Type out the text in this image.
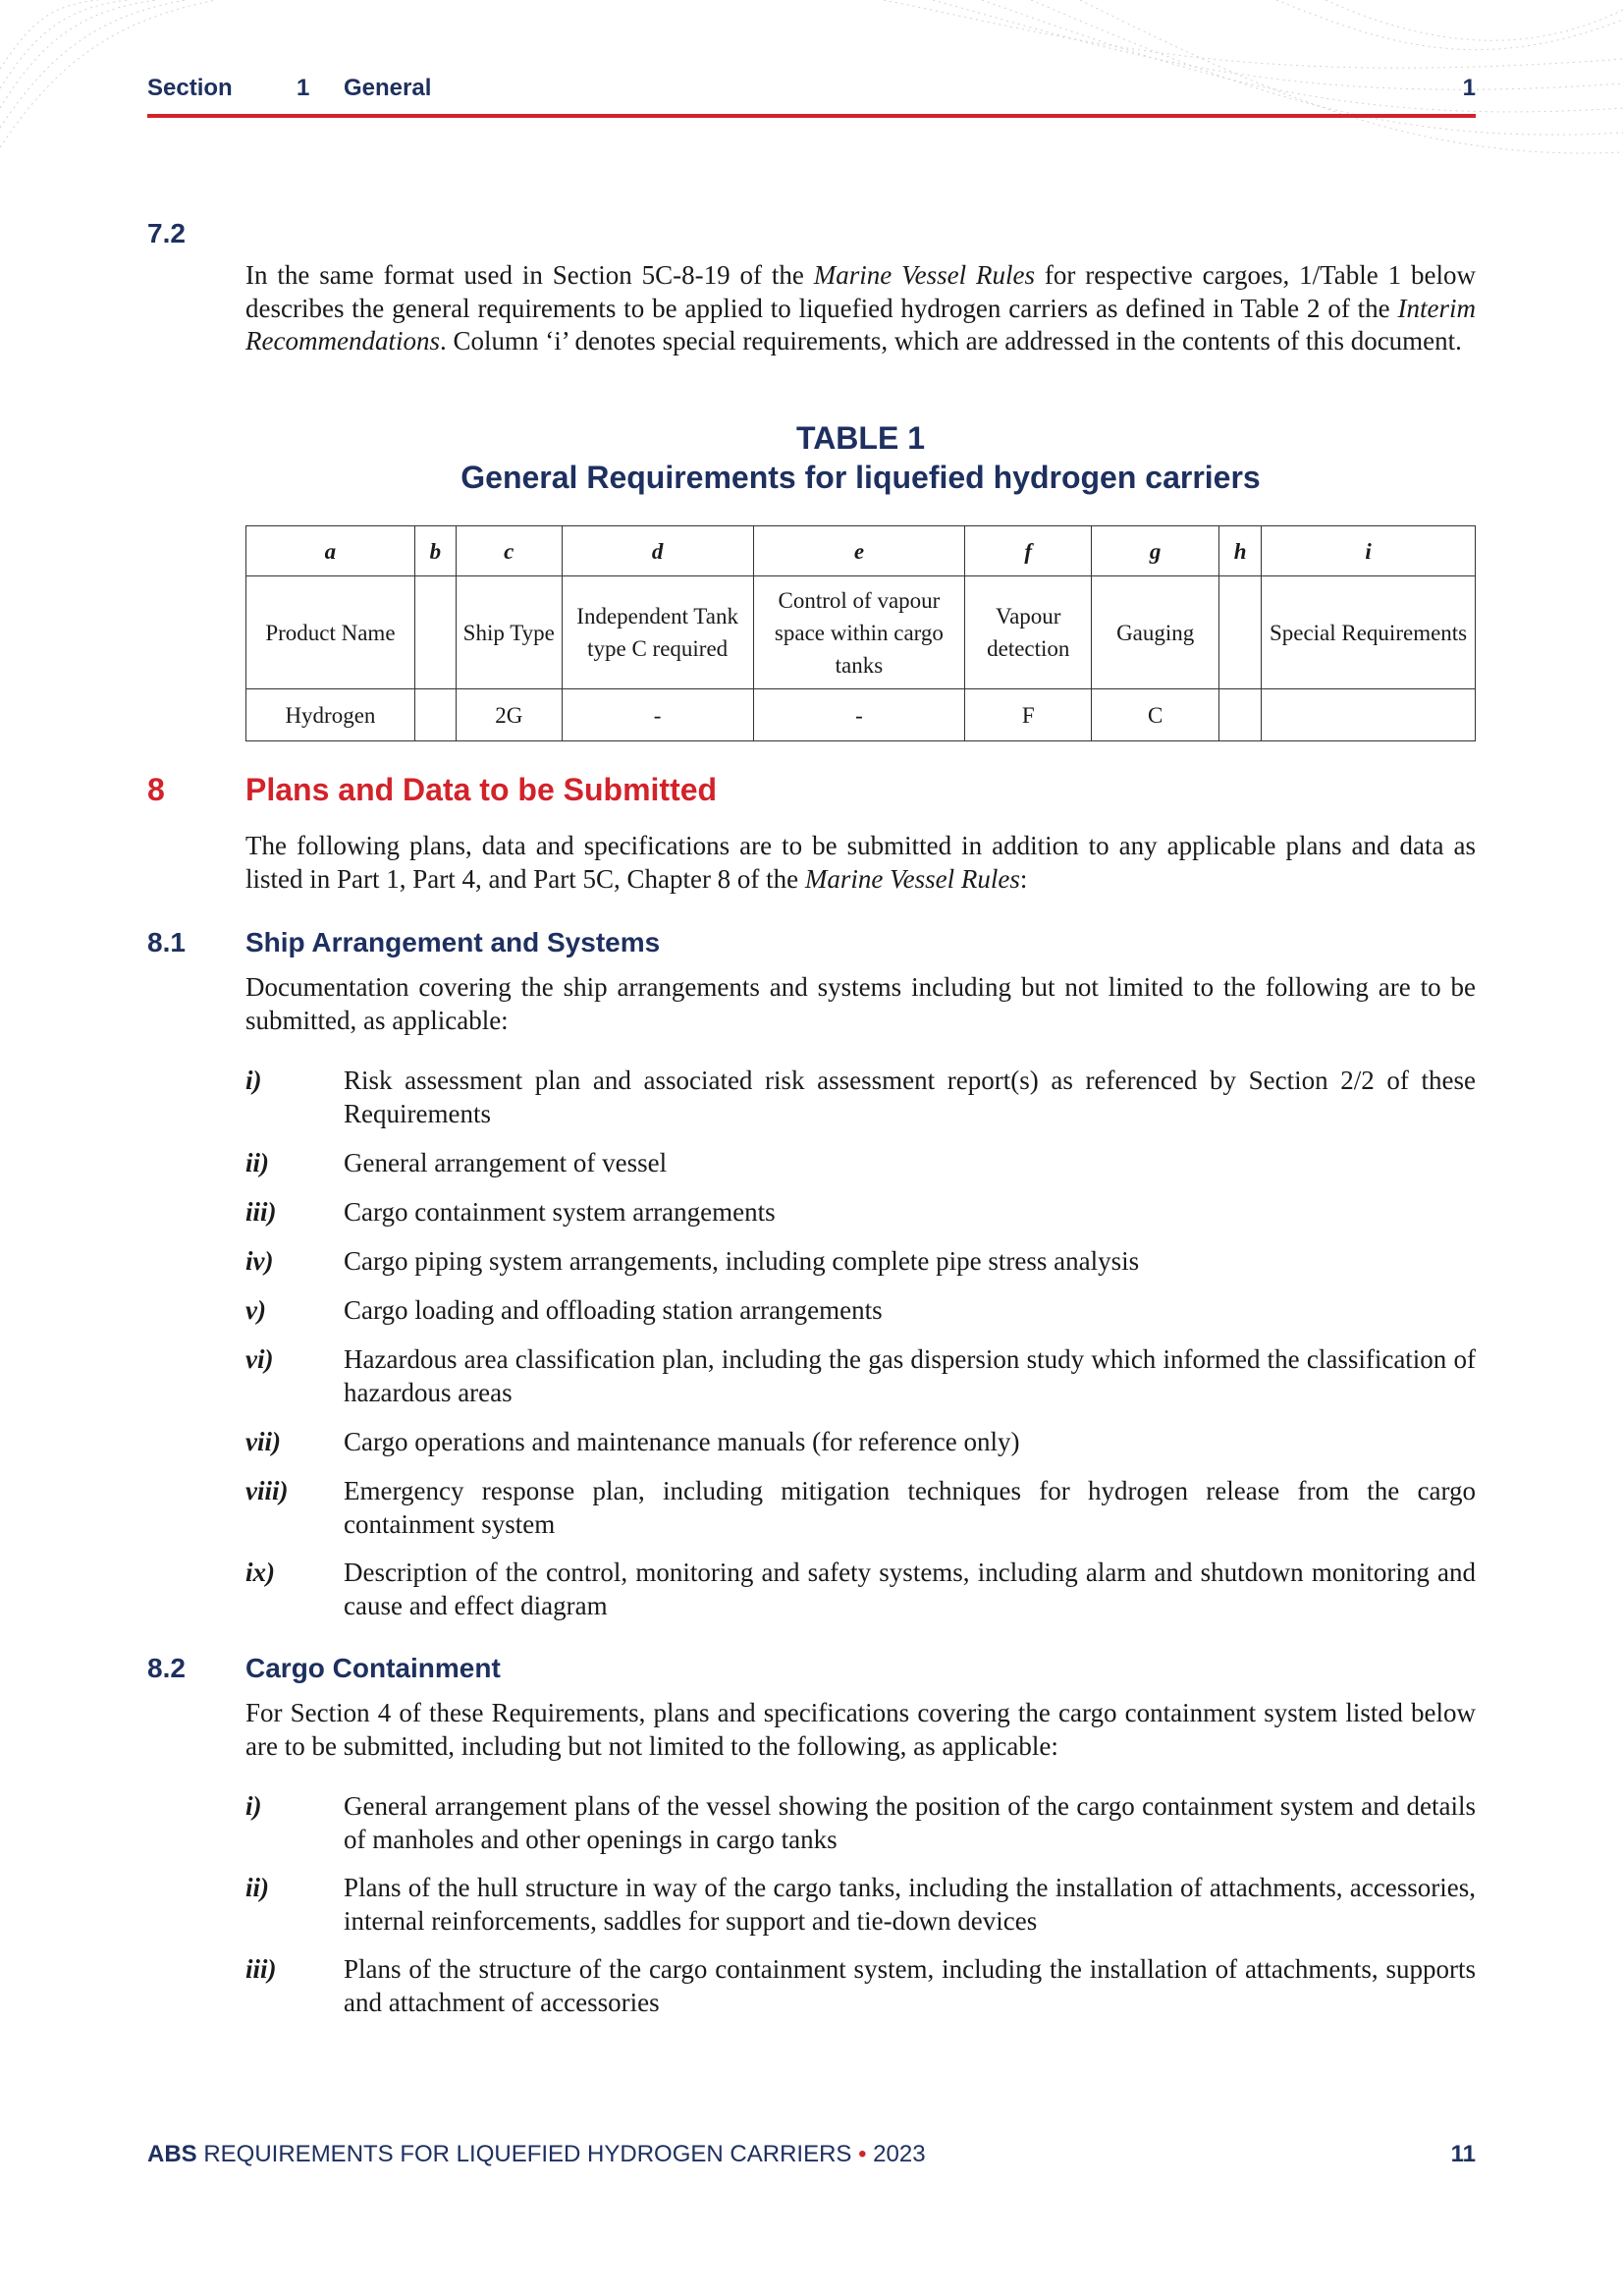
Section	1 General	1
7.2
In the same format used in Section 5C-8-19 of the Marine Vessel Rules for respective cargoes, 1/Table 1 below describes the general requirements to be applied to liquefied hydrogen carriers as defined in Table 2 of the Interim Recommendations. Column ‘i’ denotes special requirements, which are addressed in the contents of this document.
TABLE 1
General Requirements for liquefied hydrogen carriers
a	b	c	d	e	f	g	h	i
Product Name		Ship Type	Independent Tank type C required	Control of vapour space within cargo tanks	Vapour detection	Gauging		Special Requirements
Hydrogen		2G	-	-	F	C		
8	Plans and Data to be Submitted
The following plans, data and specifications are to be submitted in addition to any applicable plans and data as listed in Part 1, Part 4, and Part 5C, Chapter 8 of the Marine Vessel Rules:
8.1 Ship Arrangement and Systems
Documentation covering the ship arrangements and systems including but not limited to the following are to be submitted, as applicable:
i)	Risk assessment plan and associated risk assessment report(s) as referenced by Section 2/2 of these Requirements
ii)	General arrangement of vessel
iii)	Cargo containment system arrangements
iv)	Cargo piping system arrangements, including complete pipe stress analysis
v)	Cargo loading and offloading station arrangements
vi)	Hazardous area classification plan, including the gas dispersion study which informed the classification of hazardous areas
vii) Cargo operations and maintenance manuals (for reference only)
viii) Emergency response plan, including mitigation techniques for hydrogen release from the cargo containment system
ix)	Description of the control, monitoring and safety systems, including alarm and shutdown monitoring and cause and effect diagram
8.2 Cargo Containment
For Section 4 of these Requirements, plans and specifications covering the cargo containment system listed below are to be submitted, including but not limited to the following, as applicable:
i)	General arrangement plans of the vessel showing the position of the cargo containment system and details of manholes and other openings in cargo tanks
ii)	Plans of the hull structure in way of the cargo tanks, including the installation of attachments, accessories, internal reinforcements, saddles for support and tie-down devices
iii)	Plans of the structure of the cargo containment system, including the installation of attachments, supports and attachment of accessories
ABS REQUIREMENTS FOR LIQUEFIED HYDROGEN CARRIERS • 2023	11
